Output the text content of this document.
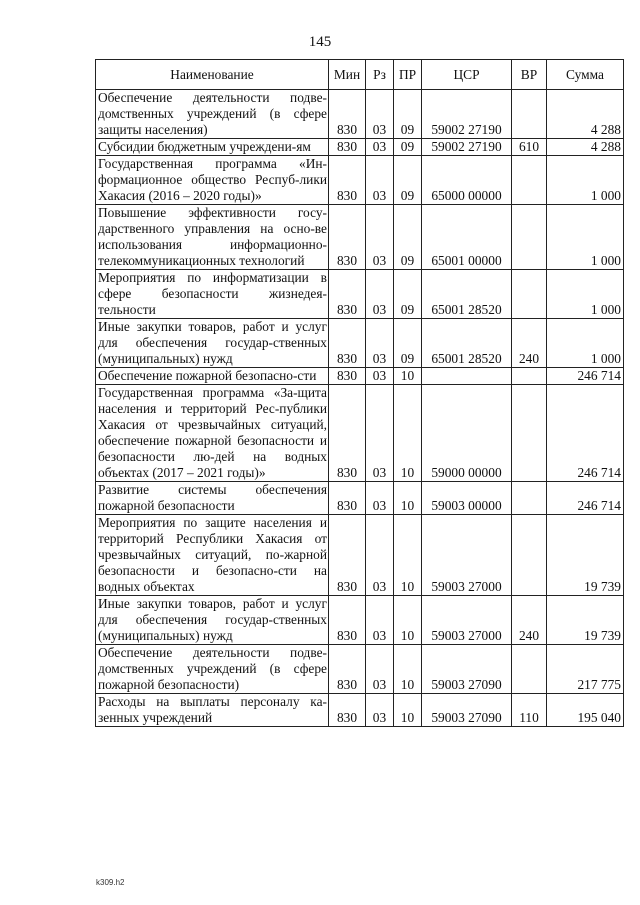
145
Наименование	Мин	Рз	ПР	ЦСР	ВР	Сумма
Обеспечение деятельности подве-домственных учреждений (в сфере защиты населения)	830	03	09	59002 27190		4 288
Субсидии бюджетным учреждени-ям	830	03	09	59002 27190	610	4 288
Государственная программа «Ин-формационное общество Респуб-лики Хакасия (2016 – 2020 годы)»	830	03	09	65000 00000		1 000
Повышение эффективности госу-дарственного управления на осно-ве использования информационно-телекоммуникационных технологий	830	03	09	65001 00000		1 000
Мероприятия по информатизации в сфере безопасности жизнедея-тельности	830	03	09	65001 28520		1 000
Иные закупки товаров, работ и услуг для обеспечения государ-ственных (муниципальных) нужд	830	03	09	65001 28520	240	1 000
Обеспечение пожарной безопасно-сти	830	03	10			246 714
Государственная программа «За-щита населения и территорий Рес-публики Хакасия от чрезвычайных ситуаций, обеспечение пожарной безопасности и безопасности лю-дей на водных объектах (2017 – 2021 годы)»	830	03	10	59000 00000		246 714
Развитие системы обеспечения пожарной безопасности	830	03	10	59003 00000		246 714
Мероприятия по защите населения и территорий Республики Хакасия от чрезвычайных ситуаций, по-жарной безопасности и безопасно-сти на водных объектах	830	03	10	59003 27000		19 739
Иные закупки товаров, работ и услуг для обеспечения государ-ственных (муниципальных) нужд	830	03	10	59003 27000	240	19 739
Обеспечение деятельности подве-домственных учреждений (в сфере пожарной безопасности)	830	03	10	59003 27090		217 775
Расходы на выплаты персоналу ка-зенных учреждений	830	03	10	59003 27090	110	195 040
k309.h2
